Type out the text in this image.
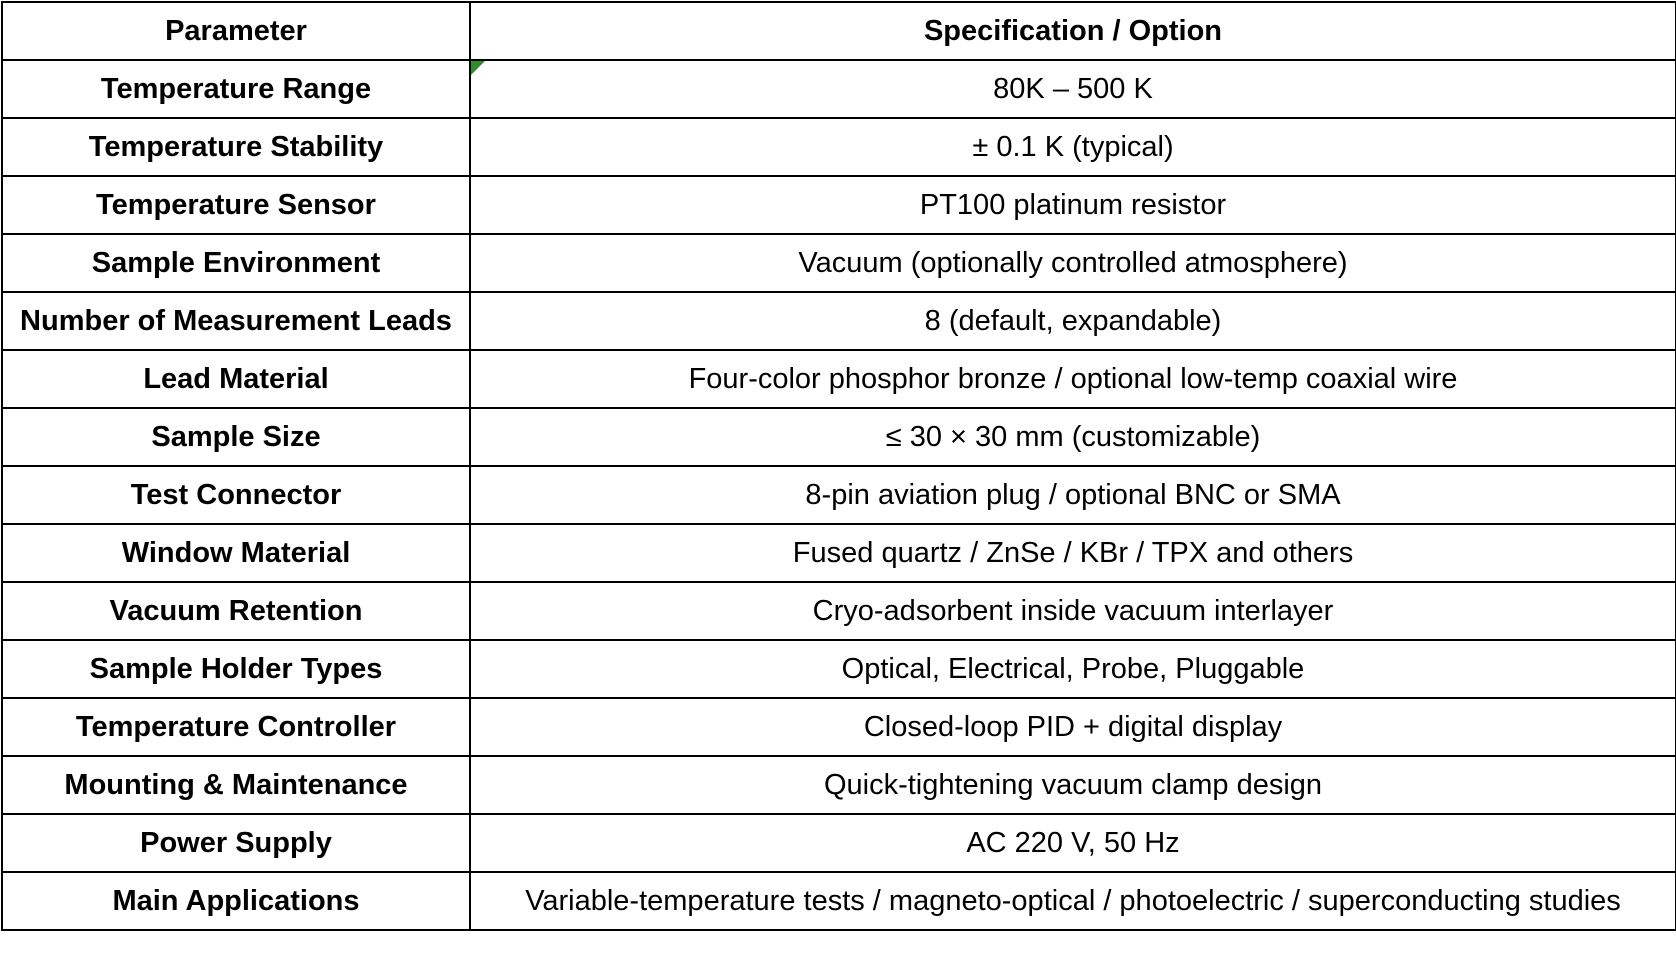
Parameter	Specification / Option
Temperature Range	80K – 500 K
Temperature Stability	± 0.1 K (typical)
Temperature Sensor	PT100 platinum resistor
Sample Environment	Vacuum (optionally controlled atmosphere)
Number of Measurement Leads	8 (default, expandable)
Lead Material	Four-color phosphor bronze / optional low-temp coaxial wire
Sample Size	≤ 30 × 30 mm (customizable)
Test Connector	8-pin aviation plug / optional BNC or SMA
Window Material	Fused quartz / ZnSe / KBr / TPX and others
Vacuum Retention	Cryo-adsorbent inside vacuum interlayer
Sample Holder Types	Optical, Electrical, Probe, Pluggable
Temperature Controller	Closed-loop PID + digital display
Mounting & Maintenance	Quick-tightening vacuum clamp design
Power Supply	AC 220 V, 50 Hz
Main Applications	Variable-temperature tests / magneto-optical / photoelectric / superconducting studies
